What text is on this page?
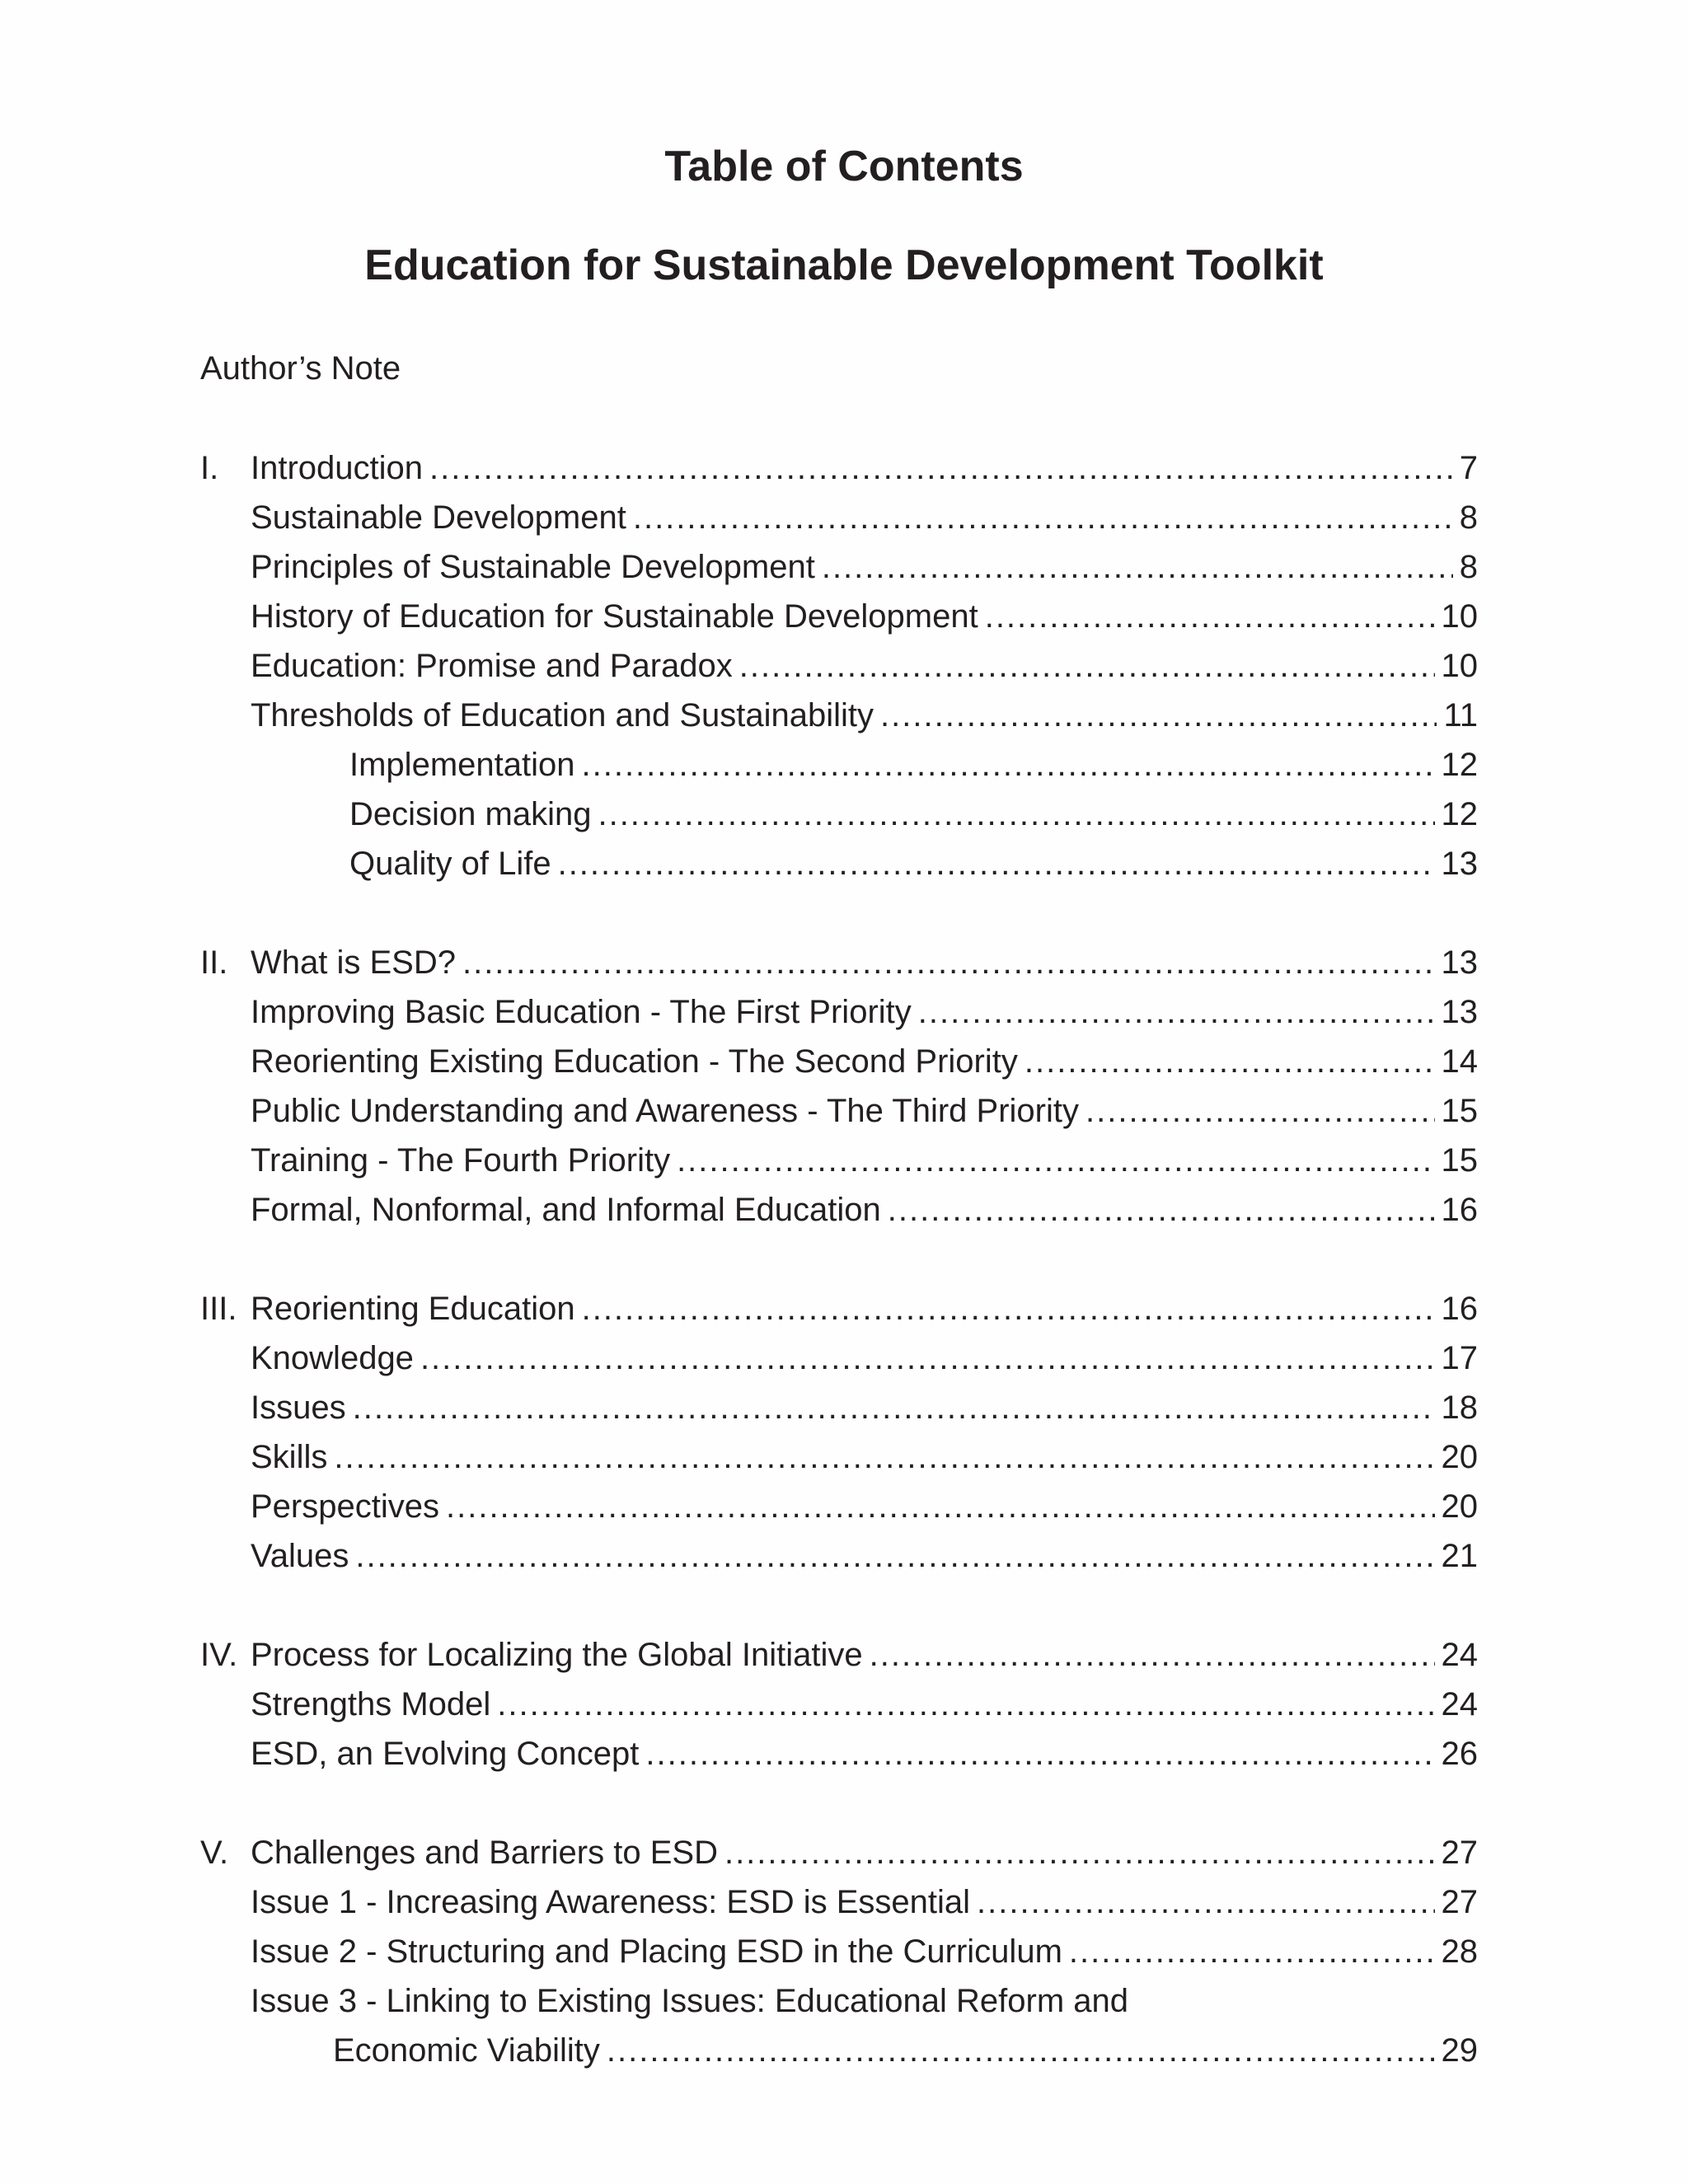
Table of Contents
Education for Sustainable Development Toolkit
Author’s Note
I. Introduction .....	7
Sustainable Development .....	8
Principles of Sustainable Development .....	8
History of Education for Sustainable Development .....	10
Education: Promise and Paradox .....	10
Thresholds of Education and Sustainability .....	11
Implementation .....	12
Decision making .....	12
Quality of Life .....	13
II. What is ESD? .....	13
Improving Basic Education - The First Priority .....	13
Reorienting Existing Education - The Second Priority .....	14
Public Understanding and Awareness - The Third Priority .....	15
Training - The Fourth Priority .....	15
Formal, Nonformal, and Informal Education .....	16
III. Reorienting Education .....	16
Knowledge .....	17
Issues .....	18
Skills .....	20
Perspectives .....	20
Values .....	21
IV. Process for Localizing the Global Initiative .....	24
Strengths Model .....	24
ESD, an Evolving Concept .....	26
V. Challenges and Barriers to ESD .....	27
Issue 1 - Increasing Awareness: ESD is Essential .....	27
Issue 2 - Structuring and Placing ESD in the Curriculum .....	28
Issue 3 - Linking to Existing Issues: Educational Reform and
Economic Viability .....	29
